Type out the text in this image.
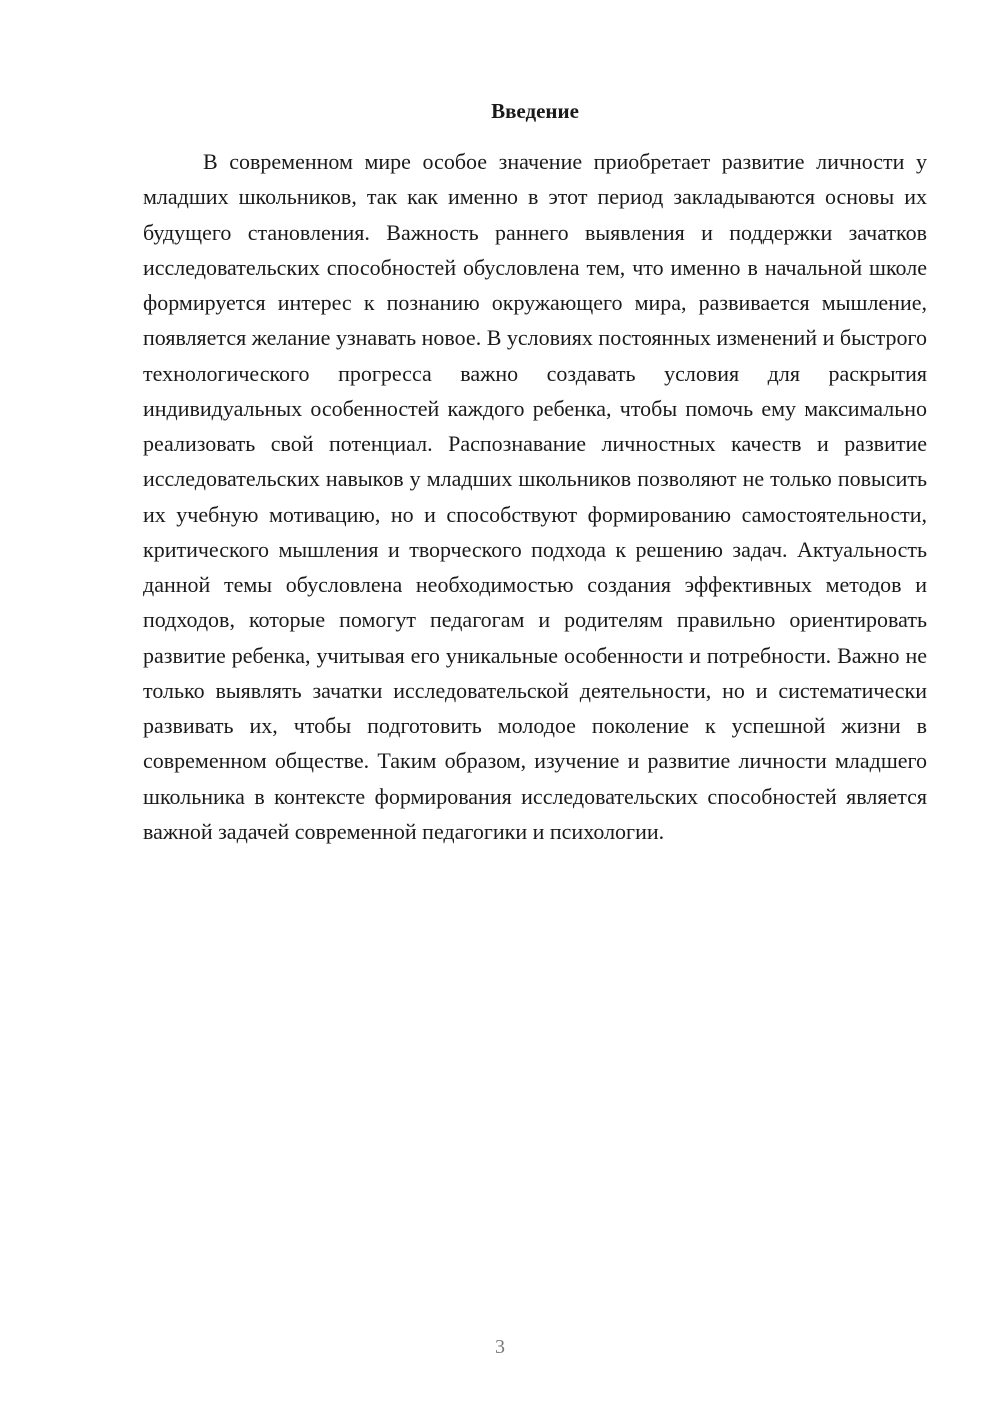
Введение

В современном мире особое значение приобретает развитие личности у младших школьников, так как именно в этот период закладываются основы их будущего становления. Важность раннего выявления и поддержки зачатков исследовательских способностей обусловлена тем, что именно в начальной школе формируется интерес к познанию окружающего мира, развивается мышление, появляется желание узнавать новое. В условиях постоянных изменений и быстрого технологического прогресса важно создавать условия для раскрытия индивидуальных особенностей каждого ребенка, чтобы помочь ему максимально реализовать свой потенциал. Распознавание личностных качеств и развитие исследовательских навыков у младших школьников позволяют не только повысить их учебную мотивацию, но и способствуют формированию самостоятельности, критического мышления и творческого подхода к решению задач. Актуальность данной темы обусловлена необходимостью создания эффективных методов и подходов, которые помогут педагогам и родителям правильно ориентировать развитие ребенка, учитывая его уникальные особенности и потребности. Важно не только выявлять зачатки исследовательской деятельности, но и систематически развивать их, чтобы подготовить молодое поколение к успешной жизни в современном обществе. Таким образом, изучение и развитие личности младшего школьника в контексте формирования исследовательских способностей является важной задачей современной педагогики и психологии.

3
